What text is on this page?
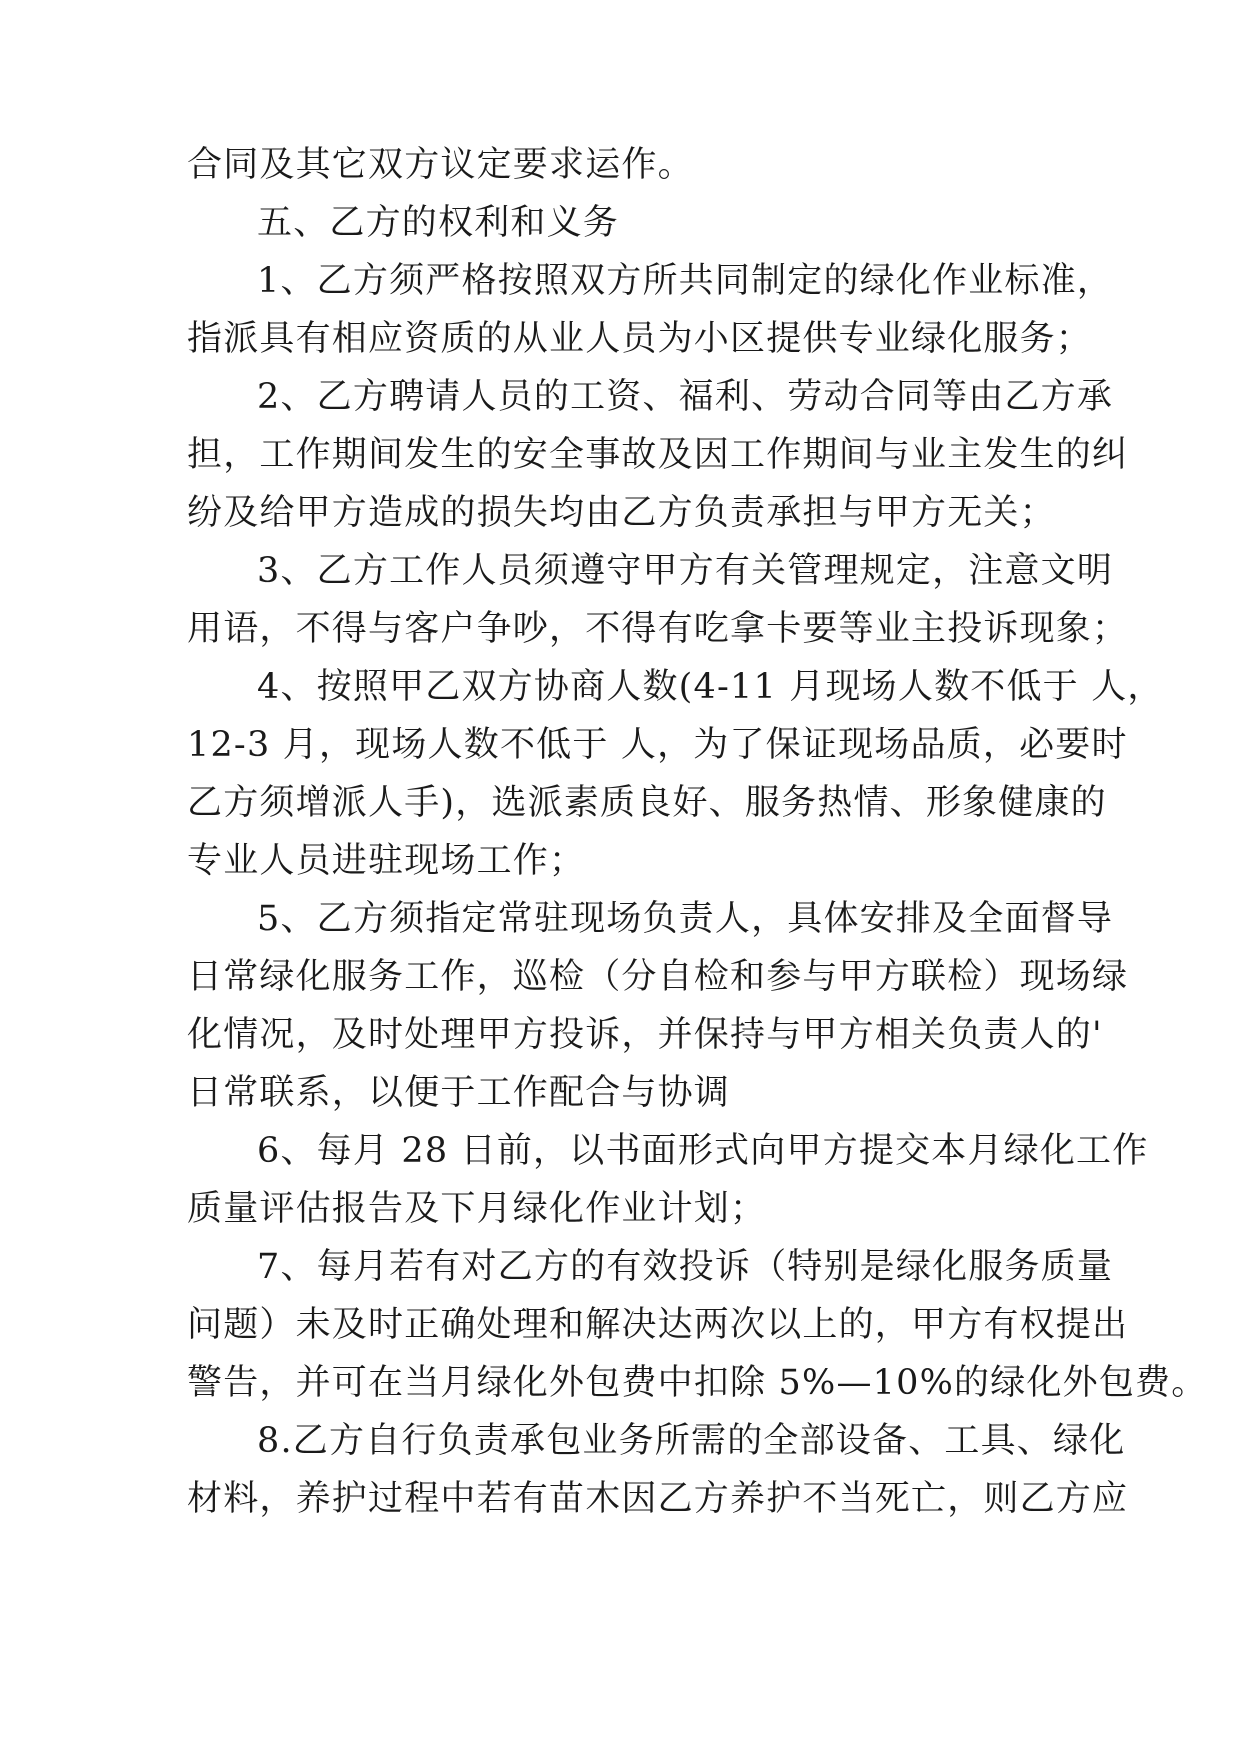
合同及其它双方议定要求运作。
五、乙方的权利和义务
1、乙方须严格按照双方所共同制定的绿化作业标准，
指派具有相应资质的从业人员为小区提供专业绿化服务；
2、乙方聘请人员的工资、福利、劳动合同等由乙方承
担，工作期间发生的安全事故及因工作期间与业主发生的纠
纷及给甲方造成的损失均由乙方负责承担与甲方无关；
3、乙方工作人员须遵守甲方有关管理规定，注意文明
用语，不得与客户争吵，不得有吃拿卡要等业主投诉现象；
4、按照甲乙双方协商人数(4-11 月现场人数不低于 人，
12-3 月，现场人数不低于 人，为了保证现场品质，必要时
乙方须增派人手)，选派素质良好、服务热情、形象健康的
专业人员进驻现场工作；
5、乙方须指定常驻现场负责人，具体安排及全面督导
日常绿化服务工作，巡检（分自检和参与甲方联检）现场绿
化情况，及时处理甲方投诉，并保持与甲方相关负责人的'
日常联系，以便于工作配合与协调
6、每月 28 日前，以书面形式向甲方提交本月绿化工作
质量评估报告及下月绿化作业计划；
7、每月若有对乙方的有效投诉（特别是绿化服务质量
问题）未及时正确处理和解决达两次以上的，甲方有权提出
警告，并可在当月绿化外包费中扣除 5%—10%的绿化外包费。
8.乙方自行负责承包业务所需的全部设备、工具、绿化
材料，养护过程中若有苗木因乙方养护不当死亡，则乙方应
